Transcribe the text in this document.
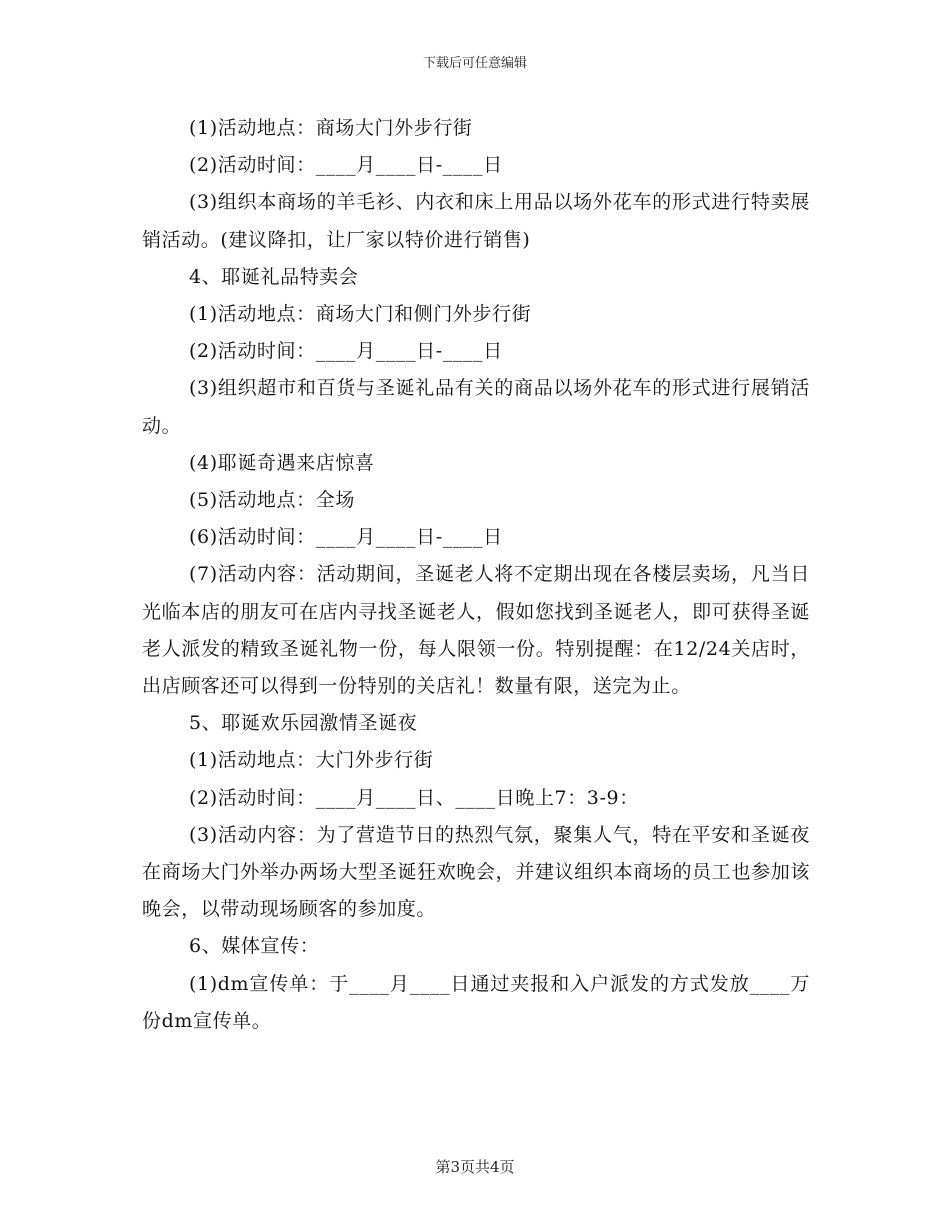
下载后可任意编辑

(1)活动地点：商场大门外步行街

(2)活动时间：____月____日-____日

(3)组织本商场的羊毛衫、内衣和床上用品以场外花车的形式进行特卖展销活动。(建议降扣，让厂家以特价进行销售)

4、耶诞礼品特卖会

(1)活动地点：商场大门和侧门外步行街

(2)活动时间：____月____日-____日

(3)组织超市和百货与圣诞礼品有关的商品以场外花车的形式进行展销活动。

(4)耶诞奇遇来店惊喜

(5)活动地点：全场

(6)活动时间：____月____日-____日

(7)活动内容：活动期间，圣诞老人将不定期出现在各楼层卖场，凡当日光临本店的朋友可在店内寻找圣诞老人，假如您找到圣诞老人，即可获得圣诞老人派发的精致圣诞礼物一份，每人限领一份。特别提醒：在12/24关店时，出店顾客还可以得到一份特别的关店礼！数量有限，送完为止。

5、耶诞欢乐园激情圣诞夜

(1)活动地点：大门外步行街

(2)活动时间：____月____日、____日晚上7：3-9：

(3)活动内容：为了营造节日的热烈气氛，聚集人气，特在平安和圣诞夜在商场大门外举办两场大型圣诞狂欢晚会，并建议组织本商场的员工也参加该晚会，以带动现场顾客的参加度。

6、媒体宣传：

(1)dm宣传单：于____月____日通过夹报和入户派发的方式发放____万份dm宣传单。

第3页共4页
